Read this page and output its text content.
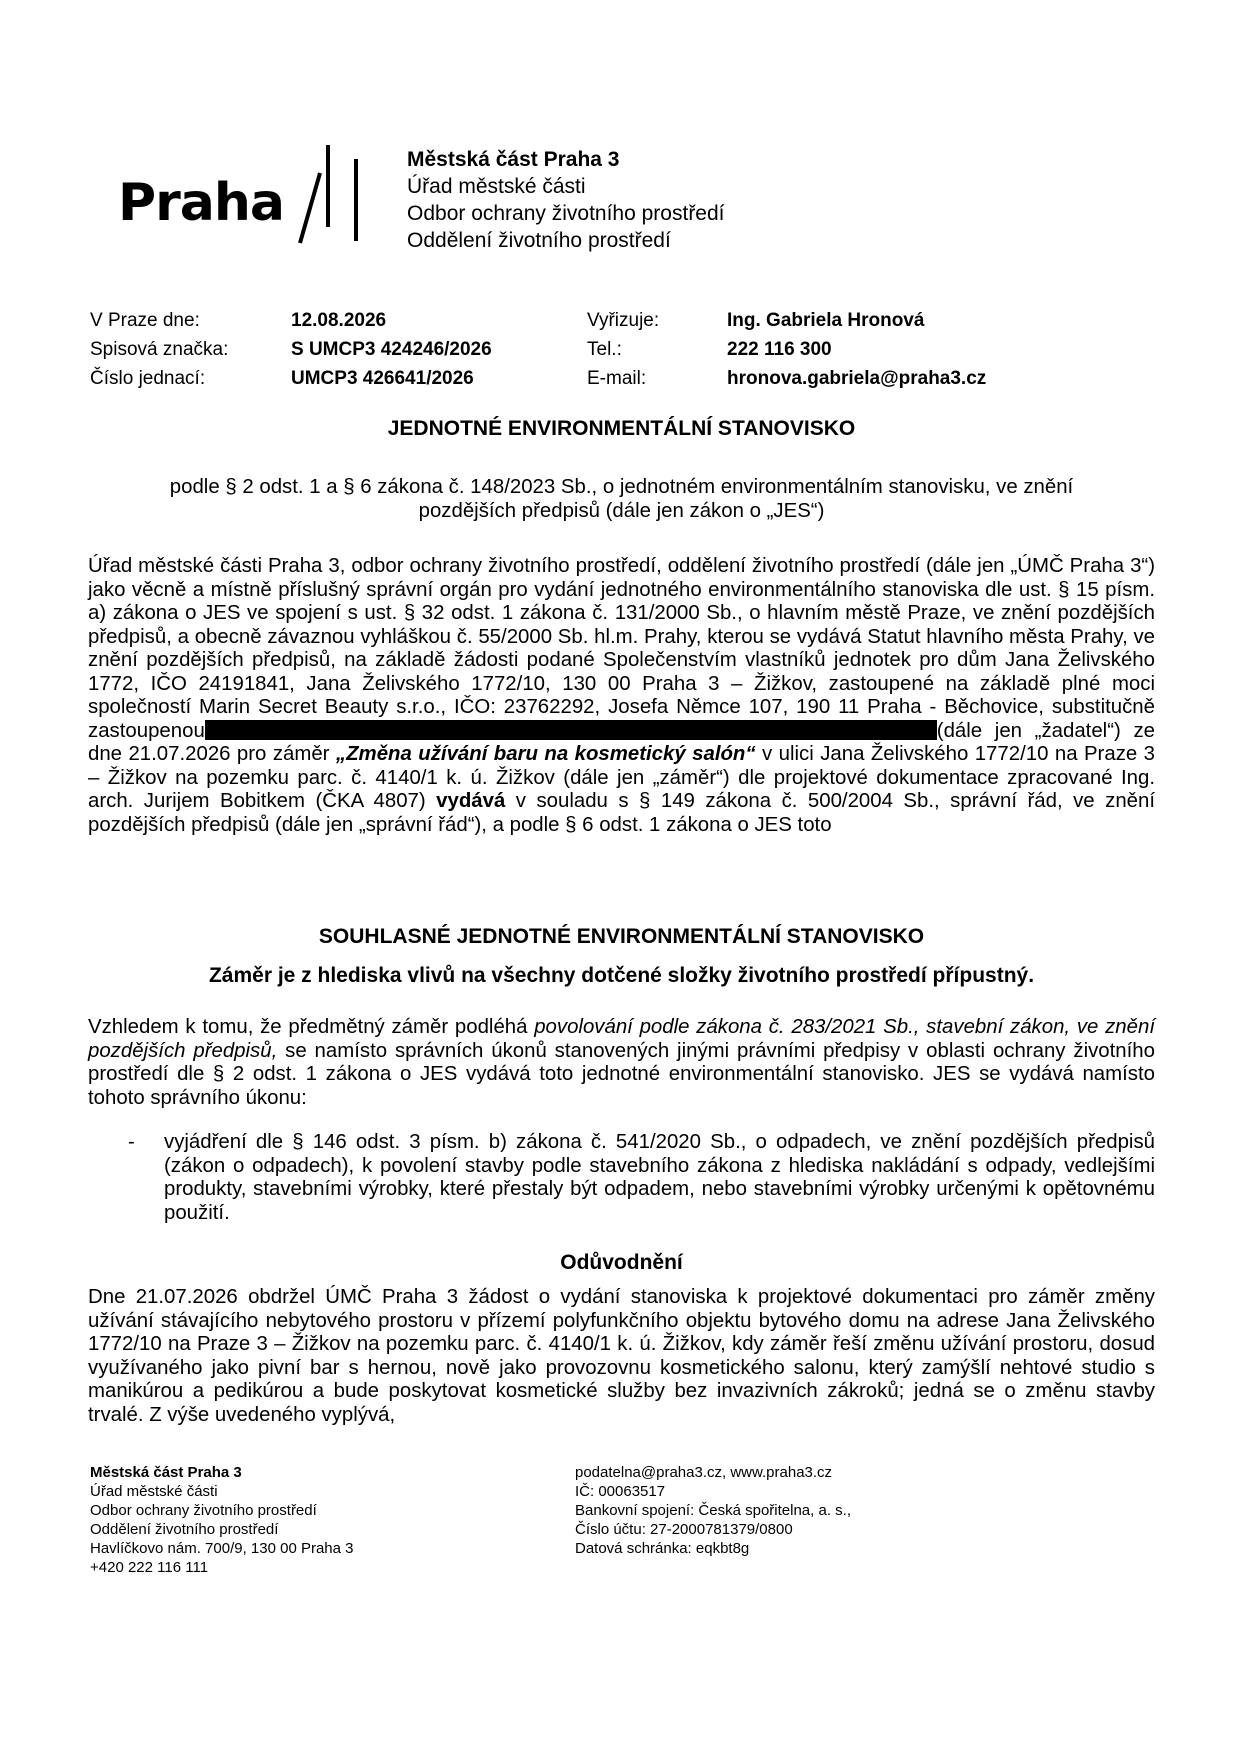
Praha
Městská část Praha 3
Úřad městské části
Odbor ochrany životního prostředí
Oddělení životního prostředí
V Praze dne:
Spisová značka:
Číslo jednací:
12.08.2026
S UMCP3 424246/2026
UMCP3 426641/2026
Vyřizuje:
Tel.:
E-mail:
Ing. Gabriela Hronová
222 116 300
hronova.gabriela@praha3.cz
JEDNOTNÉ ENVIRONMENTÁLNÍ STANOVISKO
podle § 2 odst. 1 a § 6 zákona č. 148/2023 Sb., o jednotném environmentálním stanovisku, ve znění
pozdějších předpisů (dále jen zákon o „JES“)
Úřad městské části Praha 3, odbor ochrany životního prostředí, oddělení životního prostředí (dále jen „ÚMČ Praha 3“) jako věcně a místně příslušný správní orgán pro vydání jednotného environmentálního stanoviska dle ust. § 15 písm. a) zákona o JES ve spojení s ust. § 32 odst. 1 zákona č. 131/2000 Sb., o hlavním městě Praze, ve znění pozdějších předpisů, a obecně závaznou vyhláškou č. 55/2000 Sb. hl.m. Prahy, kterou se vydává Statut hlavního města Prahy, ve znění pozdějších předpisů, na základě žádosti podané Společenstvím vlastníků jednotek pro dům Jana Želivského 1772, IČO 24191841, Jana Želivského 1772/10, 130 00 Praha 3 – Žižkov, zastoupené na základě plné moci společností Marin Secret Beauty s.r.o., IČO: 23762292, Josefa Němce 107, 190 11 Praha - Běchovice, substitučně zastoupenou	(dále jen „žadatel“) ze dne 21.07.2026 pro záměr „Změna užívání baru na kosmetický salón“ v ulici Jana Želivského 1772/10 na Praze 3 – Žižkov na pozemku parc. č. 4140/1 k. ú. Žižkov (dále jen „záměr“) dle projektové dokumentace zpracované Ing. arch. Jurijem Bobitkem (ČKA 4807) vydává v souladu s § 149 zákona č. 500/2004 Sb., správní řád, ve znění pozdějších předpisů (dále jen „správní řád“), a podle § 6 odst. 1 zákona o JES toto
SOUHLASNÉ JEDNOTNÉ ENVIRONMENTÁLNÍ STANOVISKO
Záměr je z hlediska vlivů na všechny dotčené složky životního prostředí přípustný.
Vzhledem k tomu, že předmětný záměr podléhá povolování podle zákona č. 283/2021 Sb., stavební zákon, ve znění pozdějších předpisů, se namísto správních úkonů stanovených jinými právními předpisy v oblasti ochrany životního prostředí dle § 2 odst. 1 zákona o JES vydává toto jednotné environmentální stanovisko. JES se vydává namísto tohoto správního úkonu:
- vyjádření dle § 146 odst. 3 písm. b) zákona č. 541/2020 Sb., o odpadech, ve znění pozdějších předpisů (zákon o odpadech), k povolení stavby podle stavebního zákona z hlediska nakládání s odpady, vedlejšími produkty, stavebními výrobky, které přestaly být odpadem, nebo stavebními výrobky určenými k opětovnému použití.
Odůvodnění
Dne 21.07.2026 obdržel ÚMČ Praha 3 žádost o vydání stanoviska k projektové dokumentaci pro záměr změny užívání stávajícího nebytového prostoru v přízemí polyfunkčního objektu bytového domu na adrese Jana Želivského 1772/10 na Praze 3 – Žižkov na pozemku parc. č. 4140/1 k. ú. Žižkov, kdy záměr řeší změnu užívání prostoru, dosud využívaného jako pivní bar s hernou, nově jako provozovnu kosmetického salonu, který zamýšlí nehtové studio s manikúrou a pedikúrou a bude poskytovat kosmetické služby bez invazivních zákroků; jedná se o změnu stavby trvalé. Z výše uvedeného vyplývá,
Městská část Praha 3
Úřad městské části
Odbor ochrany životního prostředí
Oddělení životního prostředí
Havlíčkovo nám. 700/9, 130 00 Praha 3
+420 222 116 111
podatelna@praha3.cz, www.praha3.cz
IČ: 00063517
Bankovní spojení: Česká spořitelna, a. s.,
Číslo účtu: 27-2000781379/0800
Datová schránka: eqkbt8g
